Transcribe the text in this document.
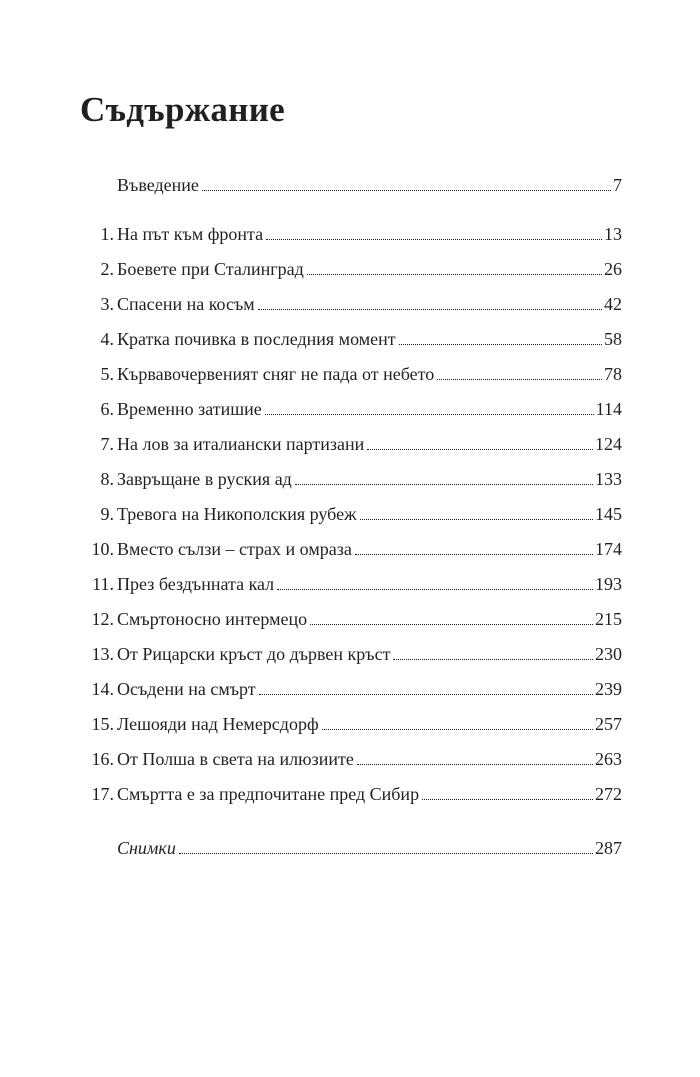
Съдържание
Въведение	7
1. На път към фронта	13
2. Боевете при Сталинград	26
3. Спасени на косъм	42
4. Кратка почивка в последния момент	58
5. Кървавочервеният сняг не пада от небето	78
6. Временно затишие	114
7. На лов за италиански партизани	124
8. Завръщане в руския ад	133
9. Тревога на Никополския рубеж	145
10. Вместо сълзи – страх и омраза	174
11. През бездънната кал	193
12. Смъртоносно интермецо	215
13. От Рицарски кръст до дървен кръст	230
14. Осъдени на смърт	239
15. Лешояди над Немерсдорф	257
16. От Полша в света на илюзиите	263
17. Смъртта е за предпочитане пред Сибир	272
Снимки	287
